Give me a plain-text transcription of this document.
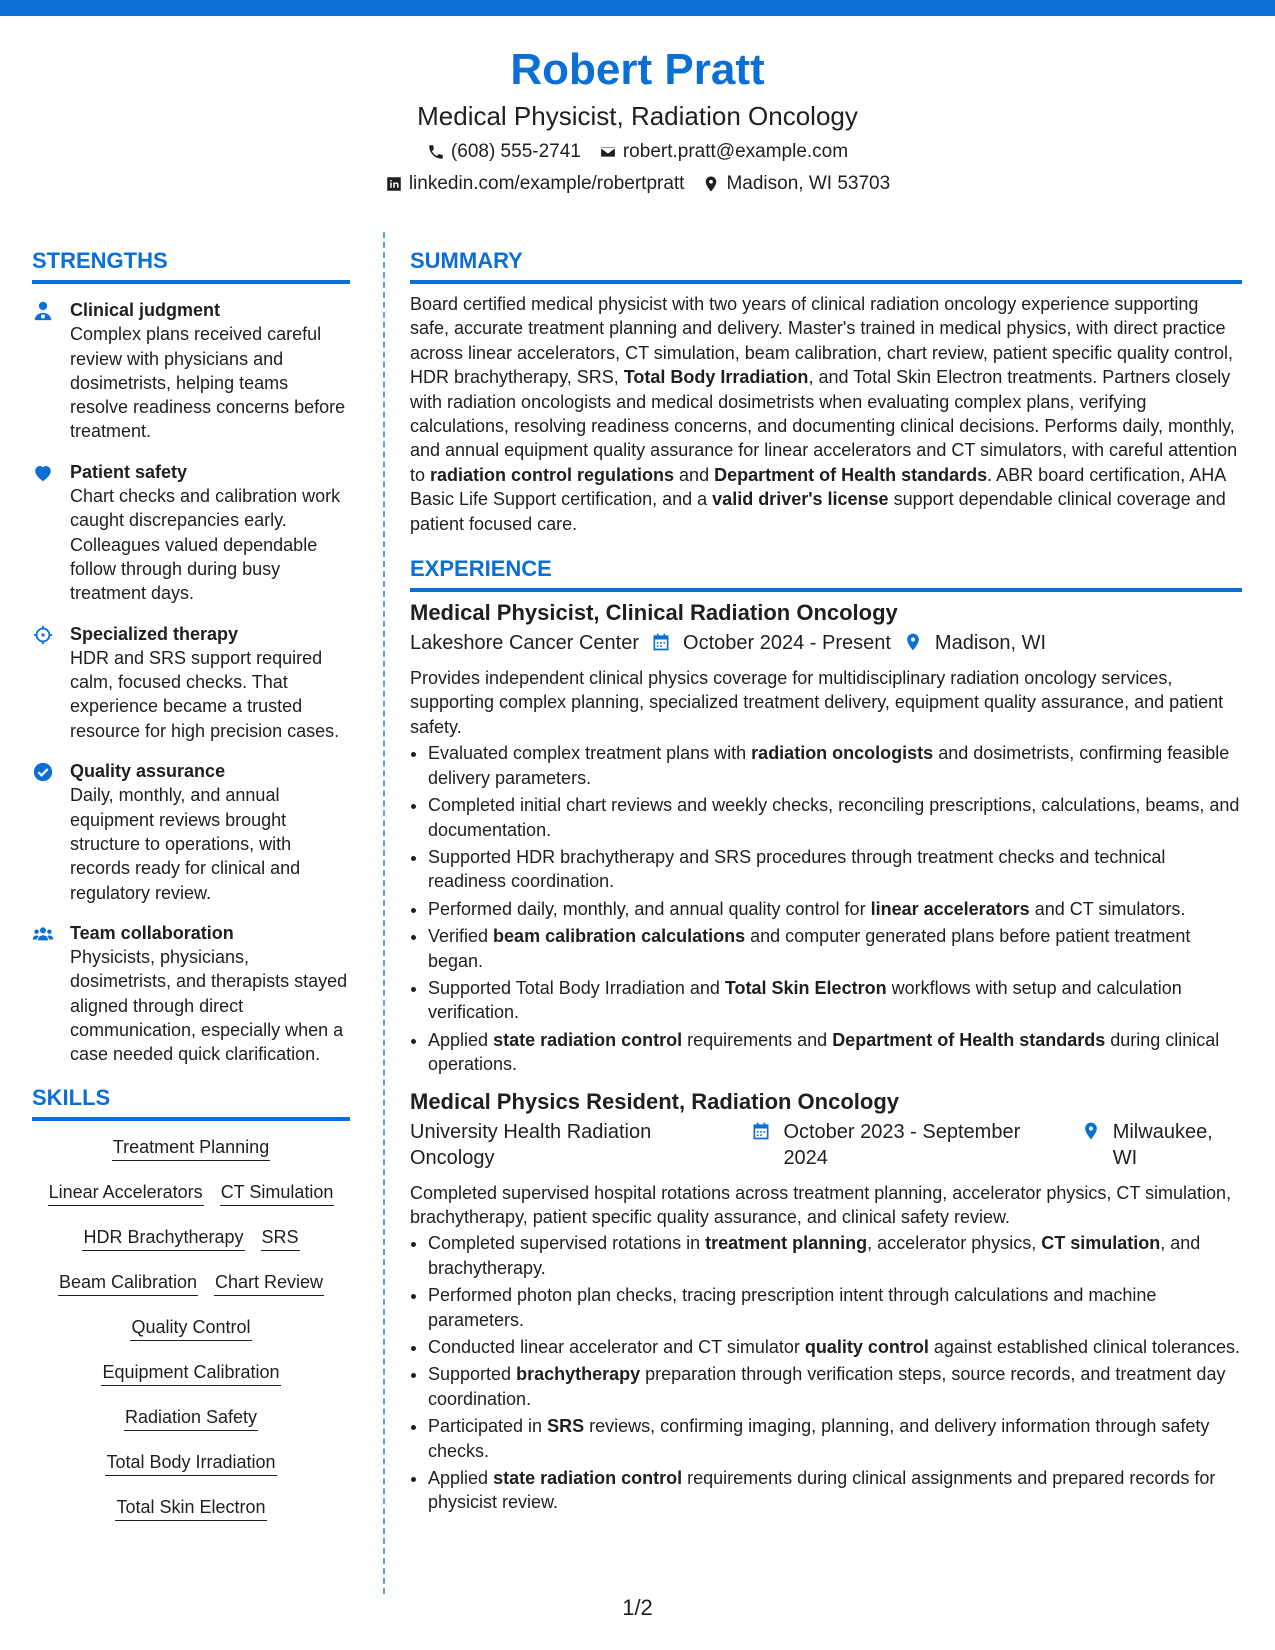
Robert Pratt
Medical Physicist, Radiation Oncology
(608) 555-2741 robert.pratt@example.com
linkedin.com/example/robertpratt Madison, WI 53703
STRENGTHS
Clinical judgment
Complex plans received careful review with physicians and dosimetrists, helping teams resolve readiness concerns before treatment.
Patient safety
Chart checks and calibration work caught discrepancies early. Colleagues valued dependable follow through during busy treatment days.
Specialized therapy
HDR and SRS support required calm, focused checks. That experience became a trusted resource for high precision cases.
Quality assurance
Daily, monthly, and annual equipment reviews brought structure to operations, with records ready for clinical and regulatory review.
Team collaboration
Physicists, physicians, dosimetrists, and therapists stayed aligned through direct communication, especially when a case needed quick clarification.
SKILLS
Treatment Planning
Linear Accelerators CT Simulation
HDR Brachytherapy SRS
Beam Calibration Chart Review
Quality Control
Equipment Calibration
Radiation Safety
Total Body Irradiation
Total Skin Electron
SUMMARY
Board certified medical physicist with two years of clinical radiation oncology experience supporting safe, accurate treatment planning and delivery. Master's trained in medical physics, with direct practice across linear accelerators, CT simulation, beam calibration, chart review, patient specific quality control, HDR brachytherapy, SRS, Total Body Irradiation, and Total Skin Electron treatments. Partners closely with radiation oncologists and medical dosimetrists when evaluating complex plans, verifying calculations, resolving readiness concerns, and documenting clinical decisions. Performs daily, monthly, and annual equipment quality assurance for linear accelerators and CT simulators, with careful attention to radiation control regulations and Department of Health standards. ABR board certification, AHA Basic Life Support certification, and a valid driver's license support dependable clinical coverage and patient focused care.
EXPERIENCE
Medical Physicist, Clinical Radiation Oncology
Lakeshore Cancer Center October 2024 - Present Madison, WI
Provides independent clinical physics coverage for multidisciplinary radiation oncology services, supporting complex planning, specialized treatment delivery, equipment quality assurance, and patient safety.
• Evaluated complex treatment plans with radiation oncologists and dosimetrists, confirming feasible delivery parameters.
• Completed initial chart reviews and weekly checks, reconciling prescriptions, calculations, beams, and documentation.
• Supported HDR brachytherapy and SRS procedures through treatment checks and technical readiness coordination.
• Performed daily, monthly, and annual quality control for linear accelerators and CT simulators.
• Verified beam calibration calculations and computer generated plans before patient treatment began.
• Supported Total Body Irradiation and Total Skin Electron workflows with setup and calculation verification.
• Applied state radiation control requirements and Department of Health standards during clinical operations.
Medical Physics Resident, Radiation Oncology
University Health Radiation Oncology
October 2023 - September 2024
Milwaukee, WI
Completed supervised hospital rotations across treatment planning, accelerator physics, CT simulation, brachytherapy, patient specific quality assurance, and clinical safety review.
• Completed supervised rotations in treatment planning, accelerator physics, CT simulation, and brachytherapy.
• Performed photon plan checks, tracing prescription intent through calculations and machine parameters.
• Conducted linear accelerator and CT simulator quality control against established clinical tolerances.
• Supported brachytherapy preparation through verification steps, source records, and treatment day coordination.
• Participated in SRS reviews, confirming imaging, planning, and delivery information through safety checks.
• Applied state radiation control requirements during clinical assignments and prepared records for physicist review.
1/2
